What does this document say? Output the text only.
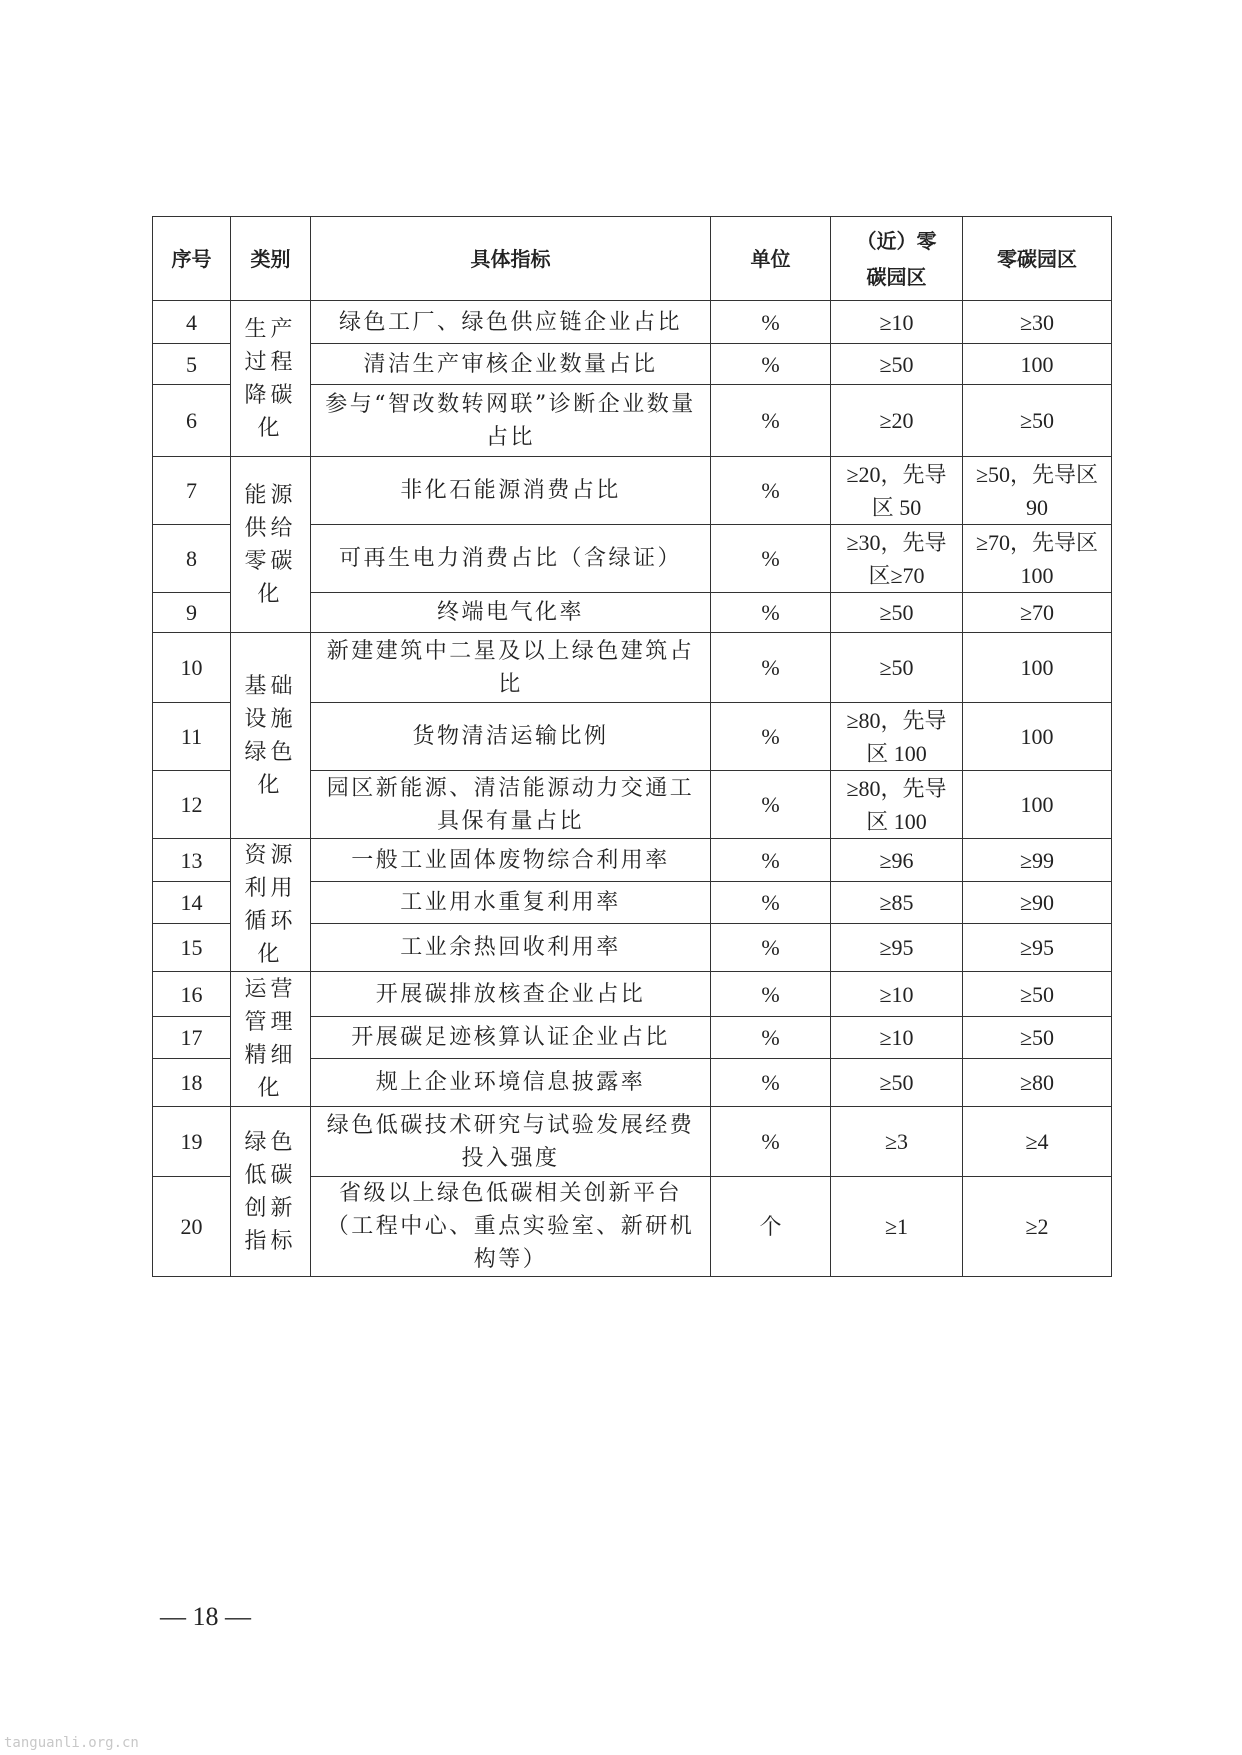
序号	类别	具体指标	单位	（近）零碳园区	零碳园区
4	生产过程降碳化	绿色工厂、绿色供应链企业占比	%	≥10	≥30
5		清洁生产审核企业数量占比	%	≥50	100
6		参与“智改数转网联”诊断企业数量占比	%	≥20	≥50
7	能源供给零碳化	非化石能源消费占比	%	≥20，先导区 50	≥50，先导区 90
8		可再生电力消费占比（含绿证）	%	≥30，先导区≥70	≥70，先导区 100
9		终端电气化率	%	≥50	≥70
10	基础设施绿色化	新建建筑中二星及以上绿色建筑占比	%	≥50	100
11		货物清洁运输比例	%	≥80，先导区 100	100
12		园区新能源、清洁能源动力交通工具保有量占比	%	≥80，先导区 100	100
13	资源利用循环化	一般工业固体废物综合利用率	%	≥96	≥99
14		工业用水重复利用率	%	≥85	≥90
15		工业余热回收利用率	%	≥95	≥95
16	运营管理精细化	开展碳排放核查企业占比	%	≥10	≥50
17		开展碳足迹核算认证企业占比	%	≥10	≥50
18		规上企业环境信息披露率	%	≥50	≥80
19	绿色低碳创新指标	绿色低碳技术研究与试验发展经费投入强度	%	≥3	≥4
20		省级以上绿色低碳相关创新平台（工程中心、重点实验室、新研机构等）	个	≥1	≥2
— 18 —
tanguanli.org.cn
